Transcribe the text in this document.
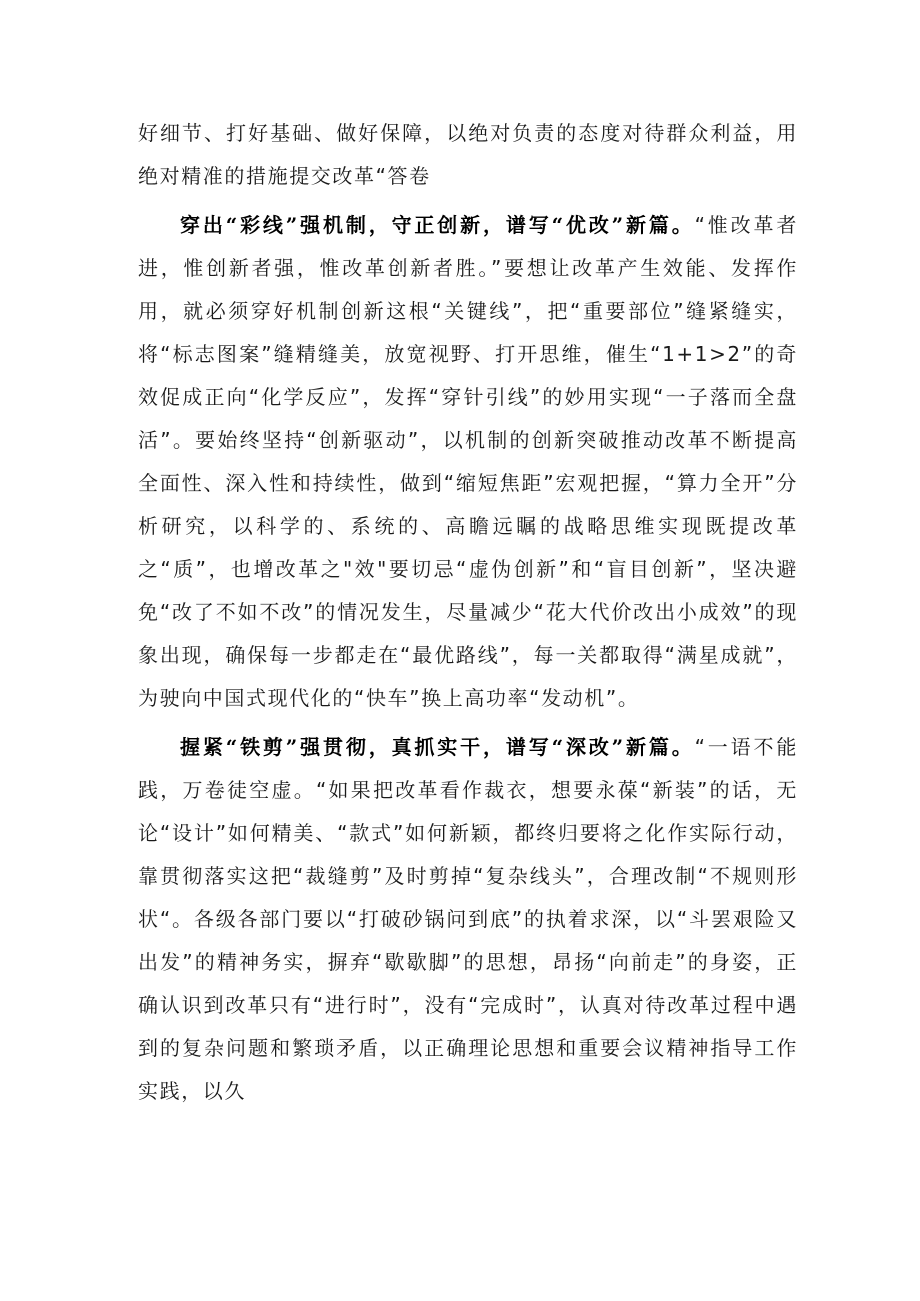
好细节、打好基础、做好保障，以绝对负责的态度对待群众利益，用绝对精准的措施提交改革“答卷

穿出“彩线”强机制，守正创新，谱写“优改”新篇。“惟改革者进，惟创新者强，惟改革创新者胜。”要想让改革产生效能、发挥作用，就必须穿好机制创新这根“关键线”，把“重要部位”缝紧缝实，将“标志图案”缝精缝美，放宽视野、打开思维，催生“1+1>2”的奇效促成正向“化学反应”，发挥“穿针引线”的妙用实现“一子落而全盘活”。要始终坚持“创新驱动”，以机制的创新突破推动改革不断提高全面性、深入性和持续性，做到“缩短焦距”宏观把握，“算力全开”分析研究，以科学的、系统的、高瞻远瞩的战略思维实现既提改革之“质”，也增改革之"效"要切忌“虚伪创新”和“盲目创新”，坚决避免“改了不如不改”的情况发生，尽量减少“花大代价改出小成效”的现象出现，确保每一步都走在“最优路线”，每一关都取得“满星成就”，为驶向中国式现代化的“快车”换上高功率“发动机”。

握紧“铁剪”强贯彻，真抓实干，谱写“深改”新篇。“一语不能践，万卷徒空虚。“如果把改革看作裁衣，想要永葆“新装”的话，无论“设计”如何精美、“款式”如何新颖，都终归要将之化作实际行动，靠贯彻落实这把“裁缝剪”及时剪掉“复杂线头”，合理改制“不规则形状“。各级各部门要以“打破砂锅问到底”的执着求深，以“斗罢艰险又出发”的精神务实，摒弃“歇歇脚”的思想，昂扬“向前走”的身姿，正确认识到改革只有“进行时”，没有“完成时”，认真对待改革过程中遇到的复杂问题和繁琐矛盾，以正确理论思想和重要会议精神指导工作实践，以久
